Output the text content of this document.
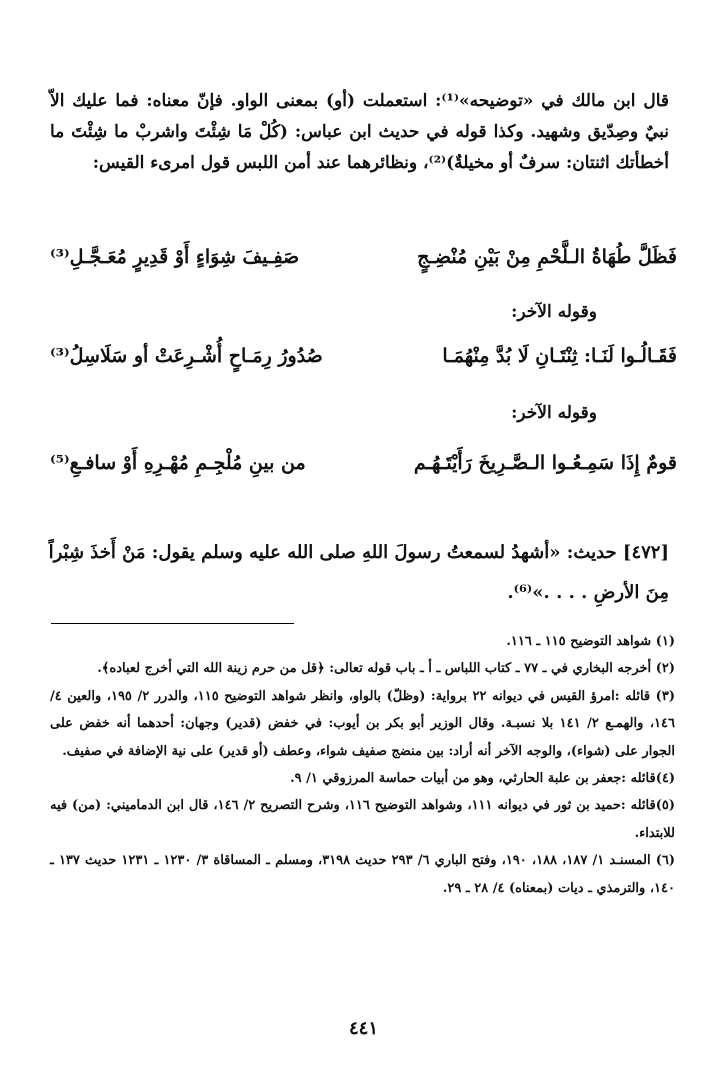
قال ابن مالك في «توضيحه»⁽¹⁾: استعملت (أو) بمعنى الواو. فإنّ معناه: فما عليك الاّ نبيٌ وصِدّيق وشهيد. وكذا قوله في حديث ابن عباس: (كُلْ مَا شِئْتَ واشربْ ما شِئْتَ ما أخطأتك اثنتان: سرفٌ أو مخيلةٌ)⁽²⁾، ونظائرهما عند أمن اللبس قول امرىء القيس:

فَظَلَّ طُهَاةُ الـلَّحْمِ مِنْ بَيْنِ مُنْضِـجٍ
صَفِـيفَ شِوَاءٍ أَوْ قَدِيرٍ مُعَـجَّـلِ⁽³⁾
وقوله الآخر:
فَقَـالُـوا لَنَـا: ثِنْتَـانِ لَا بُدَّ مِنْهُمَـا
صُدُورُ رِمَـاحٍ أُشْـرِعَتْ أو سَلَاسِلُ⁽³⁾
وقوله الآخر:
قومٌ إِذَا سَمِـعُـوا الـصَّـرِيخَ رَأَيْتَـهُـم
من بينِ مُلْجِـمِ مُهْـرِهِ أَوْ سافـعِ⁽⁵⁾

[٤٧٢] حديث: «أشهدُ لسمعتُ رسولَ اللهِ صلى الله عليه وسلم يقول: مَنْ أَخذَ شِبْراً

مِنَ الأرضِ . . . .»⁽⁶⁾.

(١) شواهد التوضيح ١١٥ ـ ١١٦.

(٢) أخرجه البخاري في ـ ٧٧ ـ كتاب اللباس ـ أ ـ باب قوله تعالى: ﴿قل من حرم زينة الله التي أخرج لعباده﴾.

(٣) قائله :امرؤ القيس في ديوانه ٢٢ برواية: (وظلّ) بالواو، وانظر شواهد التوضيح ١١٥، والدرر ٢/ ١٩٥، والعين ٤/ ١٤٦، والهمـع ٢/ ١٤١ بلا نسبـة. وقال الوزير أبو بكر بن أيوب: في خفض (قدير) وجهان: أحدهما أنه خفض على الجوار على (شواء)، والوجه الآخر أنه أراد: بين منضج صفيف شواء، وعطف (أو قدير) على نية الإضافة في صفيف.

(٤)قائله :جعفر بن علبة الحارثي، وهو من أبيات حماسة المرزوقي ١/ ٩.

(٥)قائله :حميد بن ثور في ديوانه ١١١، وشواهد التوضيح ١١٦، وشرح التصريح ٢/ ١٤٦، قال ابن الدماميني: (من) فيه للابتداء.

(٦) المسنـد ١/ ١٨٧، ١٨٨، ١٩٠، وفتح الباري ٦/ ٢٩٣ حديث ٣١٩٨، ومسلم ـ المساقاة ٣/ ١٢٣٠ ـ ١٢٣١ حديث ١٣٧ ـ ١٤٠، والترمذي ـ ديات (بمعناه) ٤/ ٢٨ ـ ٢٩.

٤٤١
